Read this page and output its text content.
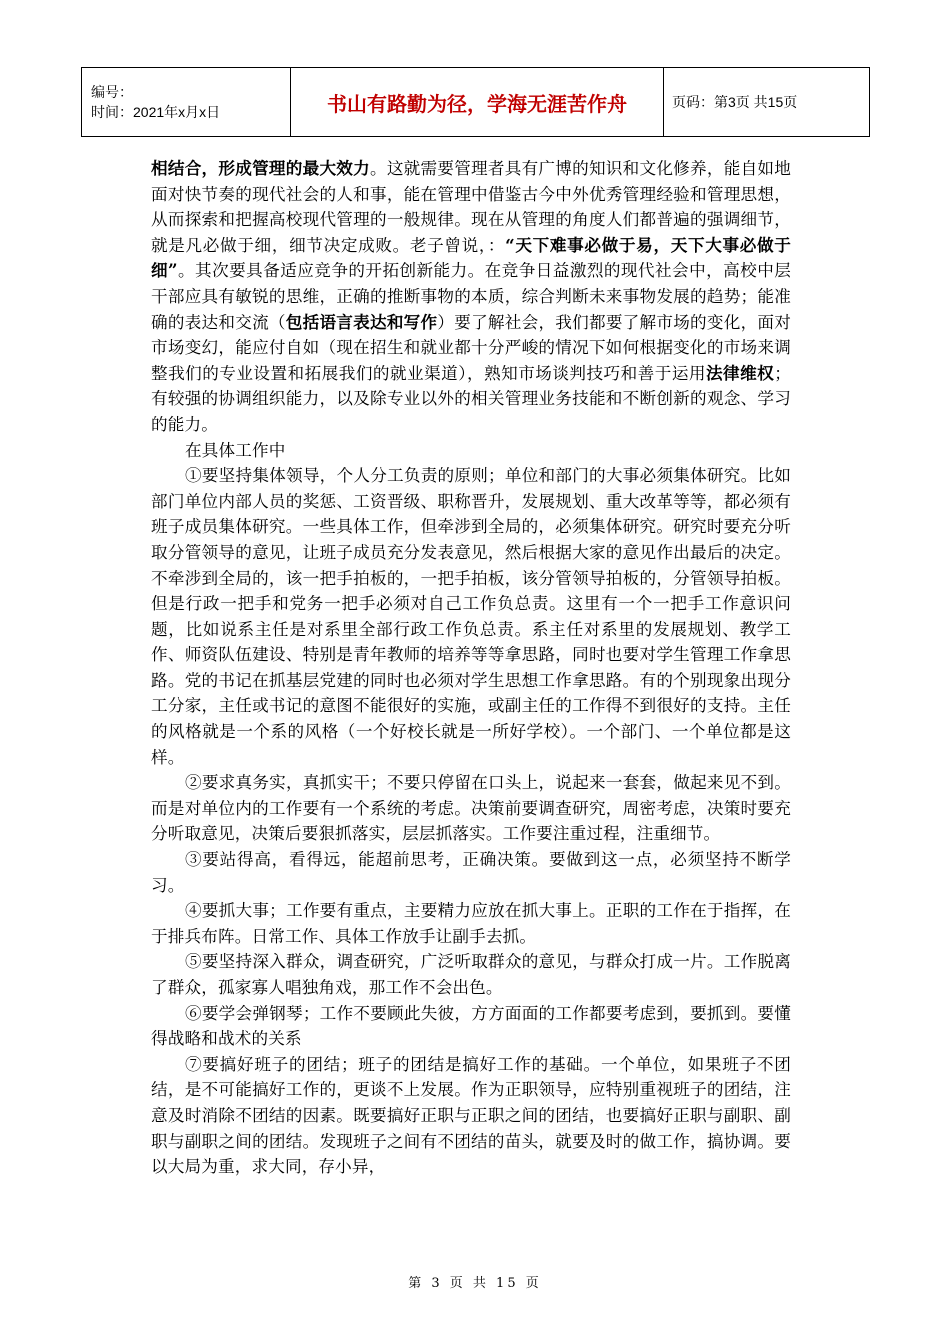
编号：
时间：2021年x月x日	书山有路勤为径，学海无涯苦作舟	页码：第3页 共15页

相结合，形成管理的最大效力。这就需要管理者具有广博的知识和文化修养，能自如地面对快节奏的现代社会的人和事，能在管理中借鉴古今中外优秀管理经验和管理思想，从而探索和把握高校现代管理的一般规律。现在从管理的角度人们都普遍的强调细节，就是凡必做于细，细节决定成败。老子曾说，：“天下难事必做于易，天下大事必做于细”。其次要具备适应竞争的开拓创新能力。在竞争日益激烈的现代社会中，高校中层干部应具有敏锐的思维，正确的推断事物的本质，综合判断未来事物发展的趋势；能准确的表达和交流（包括语言表达和写作）要了解社会，我们都要了解市场的变化，面对市场变幻，能应付自如（现在招生和就业都十分严峻的情况下如何根据变化的市场来调整我们的专业设置和拓展我们的就业渠道），熟知市场谈判技巧和善于运用法律维权；有较强的协调组织能力，以及除专业以外的相关管理业务技能和不断创新的观念、学习的能力。

在具体工作中

①要坚持集体领导，个人分工负责的原则；单位和部门的大事必须集体研究。比如部门单位内部人员的奖惩、工资晋级、职称晋升，发展规划、重大改革等等，都必须有班子成员集体研究。一些具体工作，但牵涉到全局的，必须集体研究。研究时要充分听取分管领导的意见，让班子成员充分发表意见，然后根据大家的意见作出最后的决定。不牵涉到全局的，该一把手拍板的，一把手拍板，该分管领导拍板的，分管领导拍板。但是行政一把手和党务一把手必须对自己工作负总责。这里有一个一把手工作意识问题，比如说系主任是对系里全部行政工作负总责。系主任对系里的发展规划、教学工作、师资队伍建设、特别是青年教师的培养等等拿思路，同时也要对学生管理工作拿思路。党的书记在抓基层党建的同时也必须对学生思想工作拿思路。有的个别现象出现分工分家，主任或书记的意图不能很好的实施，或副主任的工作得不到很好的支持。主任的风格就是一个系的风格（一个好校长就是一所好学校）。一个部门、一个单位都是这样。

②要求真务实，真抓实干；不要只停留在口头上，说起来一套套，做起来见不到。而是对单位内的工作要有一个系统的考虑。决策前要调查研究，周密考虑，决策时要充分听取意见，决策后要狠抓落实，层层抓落实。工作要注重过程，注重细节。

③要站得高，看得远，能超前思考，正确决策。要做到这一点，必须坚持不断学习。

④要抓大事；工作要有重点，主要精力应放在抓大事上。正职的工作在于指挥，在于排兵布阵。日常工作、具体工作放手让副手去抓。

⑤要坚持深入群众，调查研究，广泛听取群众的意见，与群众打成一片。工作脱离了群众，孤家寡人唱独角戏，那工作不会出色。

⑥要学会弹钢琴；工作不要顾此失彼，方方面面的工作都要考虑到，要抓到。要懂得战略和战术的关系

⑦要搞好班子的团结；班子的团结是搞好工作的基础。一个单位，如果班子不团结，是不可能搞好工作的，更谈不上发展。作为正职领导，应特别重视班子的团结，注意及时消除不团结的因素。既要搞好正职与正职之间的团结，也要搞好正职与副职、副职与副职之间的团结。发现班子之间有不团结的苗头，就要及时的做工作，搞协调。要以大局为重，求大同，存小异，

第 3 页 共 15 页
